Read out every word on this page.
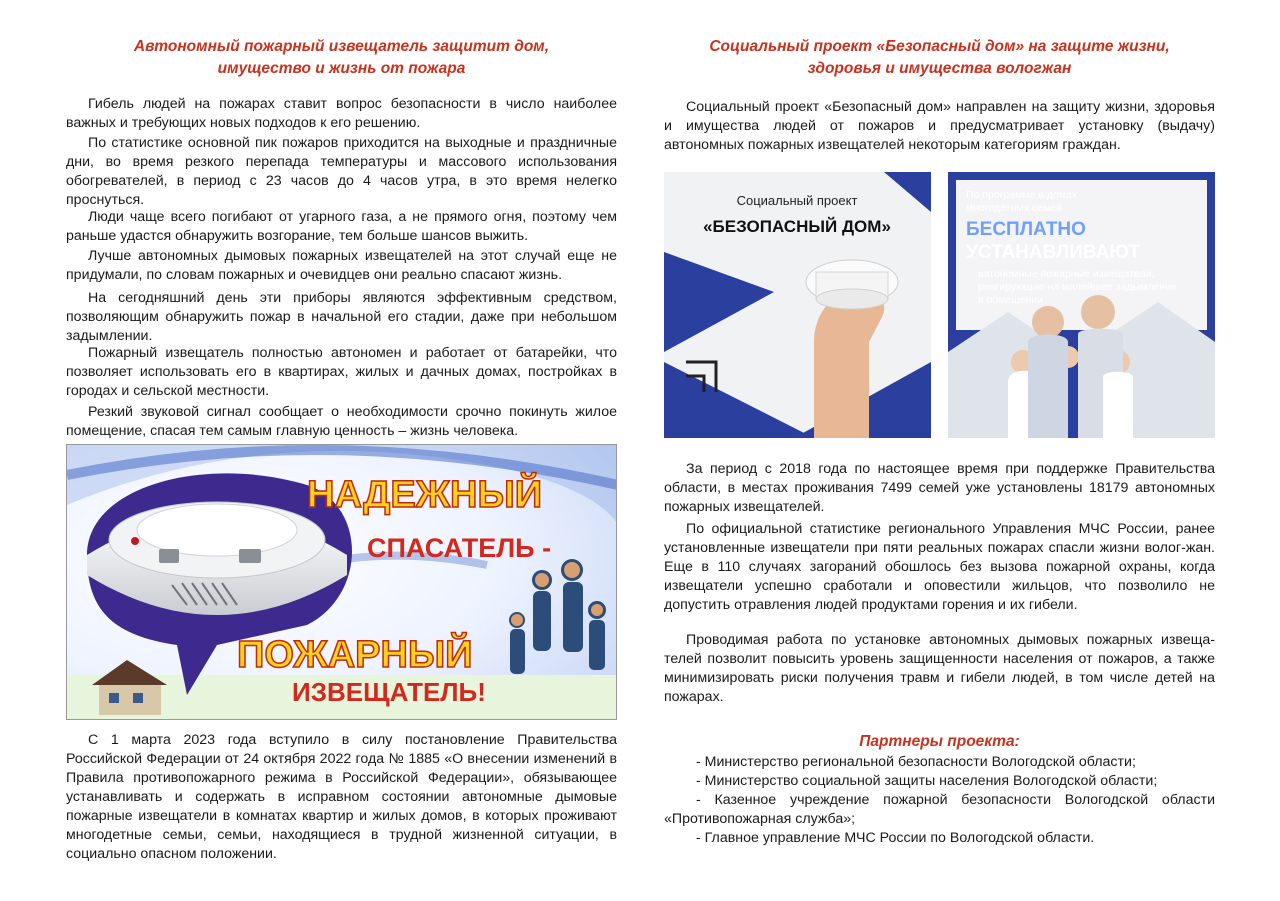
Автономный пожарный извещатель защитит дом,
имущество и жизнь от пожара

Гибель людей на пожарах ставит вопрос безопасности в число наиболее важных и требующих новых подходов к его решению.

По статистике основной пик пожаров приходится на выходные и праздничные дни, во время резкого перепада температуры и массового использования обогревателей, в период с 23 часов до 4 часов утра, в это время нелегко проснуться.

Люди чаще всего погибают от угарного газа, а не прямого огня, поэтому чем раньше удастся обнаружить возгорание, тем больше шансов выжить.

Лучше автономных дымовых пожарных извещателей на этот случай еще не придумали, по словам пожарных и очевидцев они реально спасают жизнь.

На сегодняшний день эти приборы являются эффективным средством, позволяющим обнаружить пожар в начальной его стадии, даже при небольшом задымлении.

Пожарный извещатель полностью автономен и работает от батарейки, что позволяет использовать его в квартирах, жилых и дачных домах, постройках в городах и сельской местности.

Резкий звуковой сигнал сообщает о необходимости срочно покинуть жилое помещение, спасая тем самым главную ценность – жизнь человека.

НАДЕЖНЫЙ
СПАСАТЕЛЬ -
ПОЖАРНЫЙ
ИЗВЕЩАТЕЛЬ!

С 1 марта 2023 года вступило в силу постановление Правительства Российской Федерации от 24 октября 2022 года № 1885 «О внесении изменений в Правила противопожарного режима в Российской Федерации», обязывающее устанавливать и содержать в исправном состоянии автономные дымовые пожарные извещатели в комнатах квартир и жилых домов, в которых проживают многодетные семьи, семьи, находящиеся в трудной жизненной ситуации, в социально опасном положении.

Социальный проект «Безопасный дом» на защите жизни,
здоровья и имущества вологжан

Социальный проект «Безопасный дом» направлен на защиту жизни, здоровья и имущества людей от пожаров и предусматривает установку (выдачу) автономных пожарных извещателей некоторым категориям граждан.

Социальный проект
«БЕЗОПАСНЫЙ ДОМ»
По программе в домах
многодетных семей
БЕСПЛАТНО
УСТАНАВЛИВАЮТ
автономные пожарные извещатели,
реагирующие на малейшее задымление
в помещении

За период с 2018 года по настоящее время при поддержке Правительства области, в местах проживания 7499 семей уже установлены 18179 автономных пожарных извещателей.

По официальной статистике регионального Управления МЧС России, ранее установленные извещатели при пяти реальных пожарах спасли жизни волог-жан. Еще в 110 случаях загораний обошлось без вызова пожарной охраны, когда извещатели успешно сработали и оповестили жильцов, что позволило не допустить отравления людей продуктами горения и их гибели.

Проводимая работа по установке автономных дымовых пожарных извеща-телей позволит повысить уровень защищенности населения от пожаров, а также минимизировать риски получения травм и гибели людей, в том числе детей на пожарах.

Партнеры проекта:

- Министерство региональной безопасности Вологодской области;
- Министерство социальной защиты населения Вологодской области;
- Казенное учреждение пожарной безопасности Вологодской области «Противопожарная служба»;
- Главное управление МЧС России по Вологодской области.
